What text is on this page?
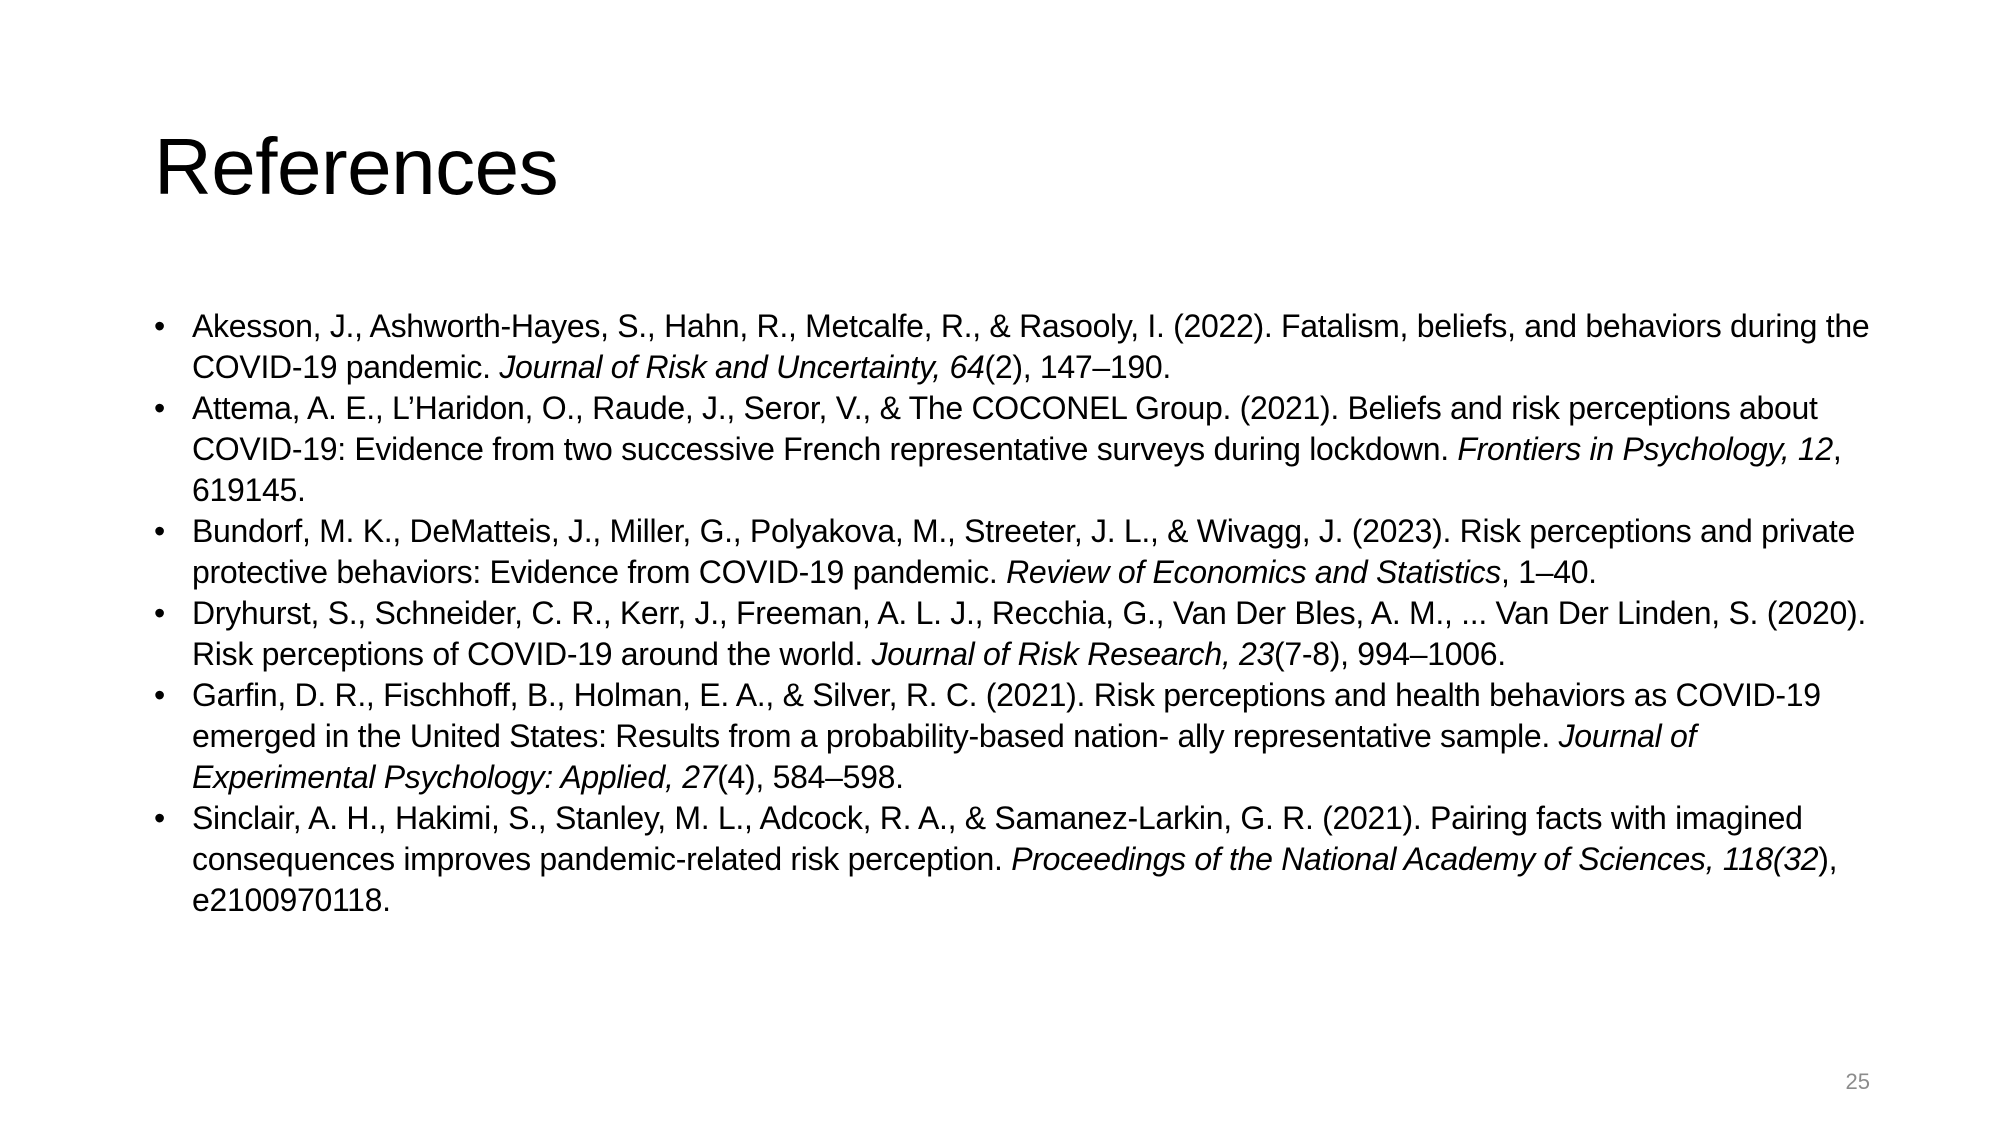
References
• Akesson, J., Ashworth-Hayes, S., Hahn, R., Metcalfe, R., & Rasooly, I. (2022). Fatalism, beliefs, and behaviors during the COVID-19 pandemic. Journal of Risk and Uncertainty, 64(2), 147–190.
• Attema, A. E., L’Haridon, O., Raude, J., Seror, V., & The COCONEL Group. (2021). Beliefs and risk perceptions about COVID-19: Evidence from two successive French representative surveys during lockdown. Frontiers in Psychology, 12, 619145.
• Bundorf, M. K., DeMatteis, J., Miller, G., Polyakova, M., Streeter, J. L., & Wivagg, J. (2023). Risk perceptions and private protective behaviors: Evidence from COVID-19 pandemic. Review of Economics and Statistics, 1–40.
• Dryhurst, S., Schneider, C. R., Kerr, J., Freeman, A. L. J., Recchia, G., Van Der Bles, A. M., ... Van Der Linden, S. (2020). Risk perceptions of COVID-19 around the world. Journal of Risk Research, 23(7-8), 994–1006.
• Garfin, D. R., Fischhoff, B., Holman, E. A., & Silver, R. C. (2021). Risk perceptions and health behaviors as COVID-19 emerged in the United States: Results from a probability-based nation- ally representative sample. Journal of Experimental Psychology: Applied, 27(4), 584–598.
• Sinclair, A. H., Hakimi, S., Stanley, M. L., Adcock, R. A., & Samanez-Larkin, G. R. (2021). Pairing facts with imagined consequences improves pandemic-related risk perception. Proceedings of the National Academy of Sciences, 118(32), e2100970118.
25
